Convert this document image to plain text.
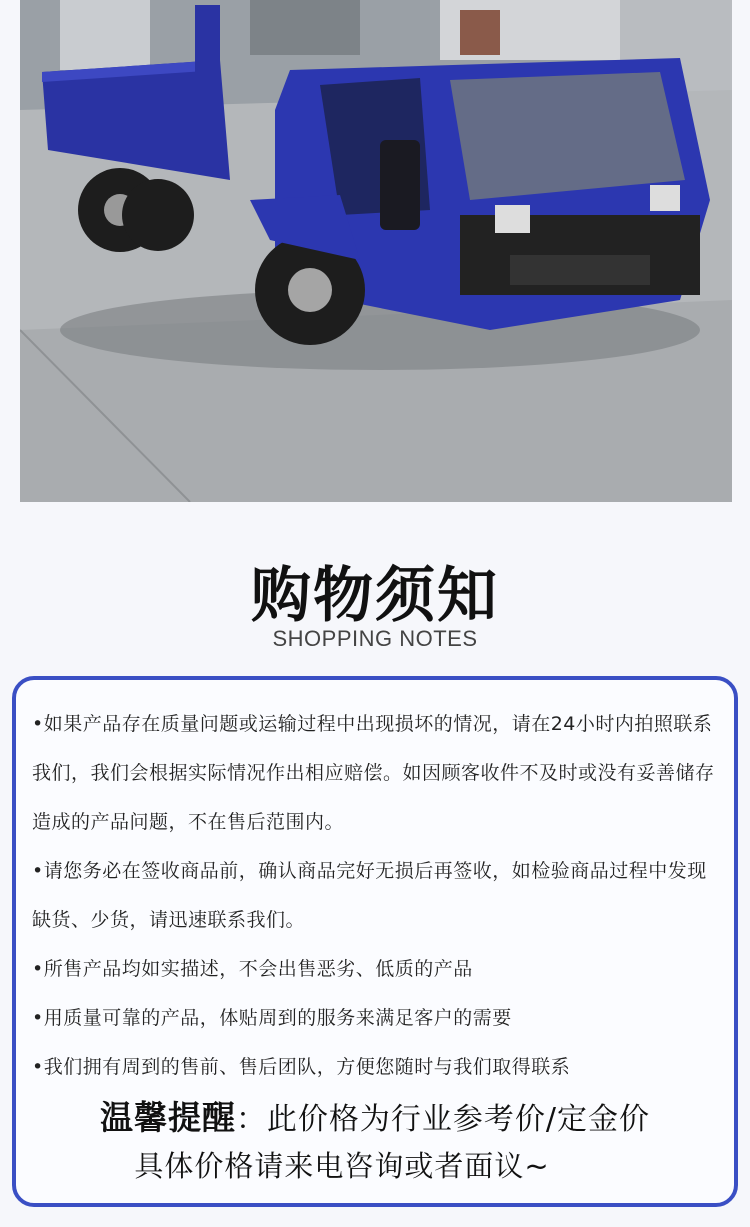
购物须知
SHOPPING NOTES

•如果产品存在质量问题或运输过程中出现损坏的情况，请在24小时内拍照联系我们，我们会根据实际情况作出相应赔偿。如因顾客收件不及时或没有妥善储存造成的产品问题，不在售后范围内。

•请您务必在签收商品前，确认商品完好无损后再签收，如检验商品过程中发现缺货、少货，请迅速联系我们。

•所售产品均如实描述，不会出售恶劣、低质的产品

•用质量可靠的产品，体贴周到的服务来满足客户的需要

•我们拥有周到的售前、售后团队，方便您随时与我们取得联系

温馨提醒：此价格为行业参考价/定金价
具体价格请来电咨询或者面议~
